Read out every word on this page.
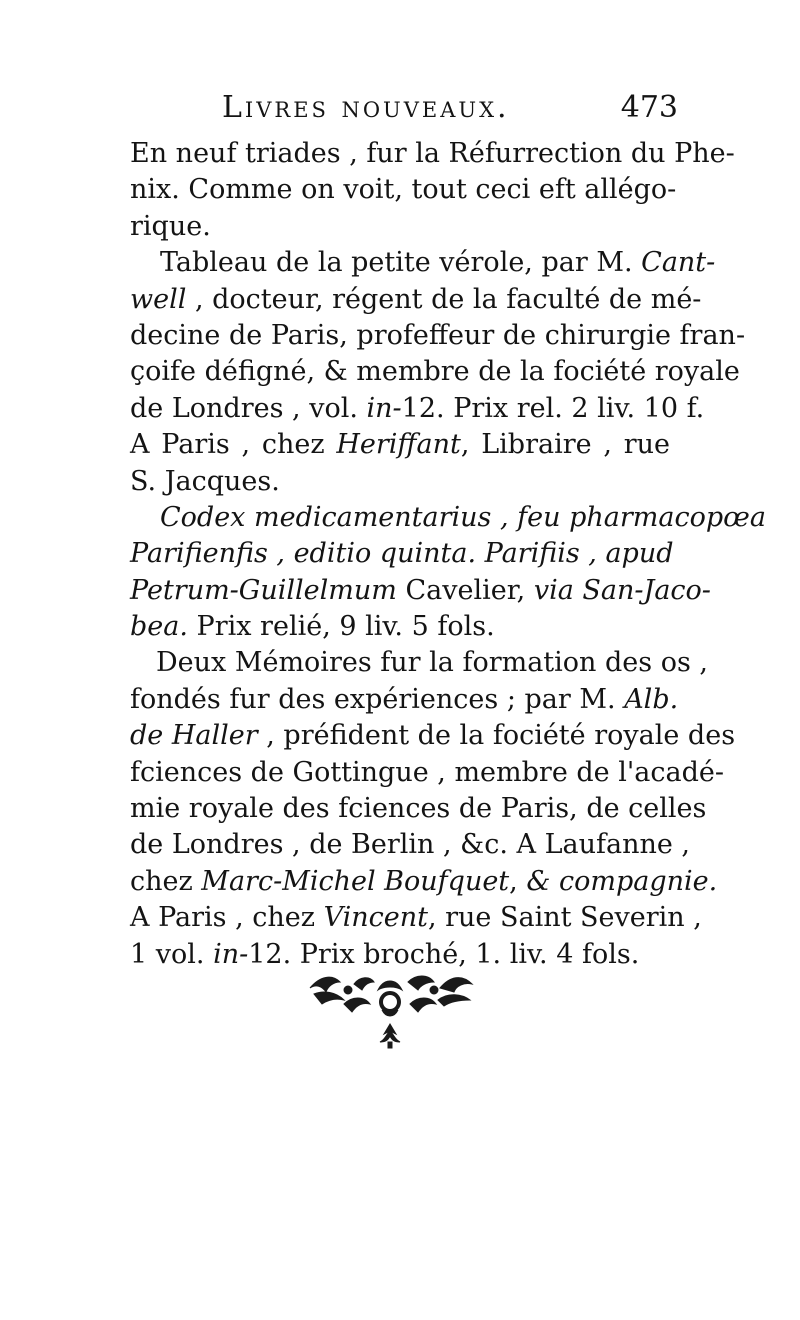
Livres nouveaux.	473
En neuf triades , fur la Réfurrection du Phe-
nix. Comme on voit, tout ceci eft allégo-
rique.
Tableau de la petite vérole, par M. Cant-
well , docteur, régent de la faculté de mé-
decine de Paris, profeffeur de chirurgie fran-
çoife défigné, & membre de la fociété royale
de Londres , vol. in-12. Prix rel. 2 liv. 10 f.
A Paris , chez Heriffant, Libraire , rue
S. Jacques.
Codex medicamentarius , feu pharmacopœa
Parifienfis , editio quinta. Parifiis , apud
Petrum-Guillelmum Cavelier, via San-Jaco-
bea. Prix relié, 9 liv. 5 fols.
Deux Mémoires fur la formation des os ,
fondés fur des expériences ; par M. Alb.
de Haller , préfident de la fociété royale des
fciences de Gottingue , membre de l'acadé-
mie royale des fciences de Paris, de celles
de Londres , de Berlin , &c. A Laufanne ,
chez Marc-Michel Boufquet, & compagnie.
A Paris , chez Vincent, rue Saint Severin ,
1 vol. in-12. Prix broché, 1. liv. 4 fols.
